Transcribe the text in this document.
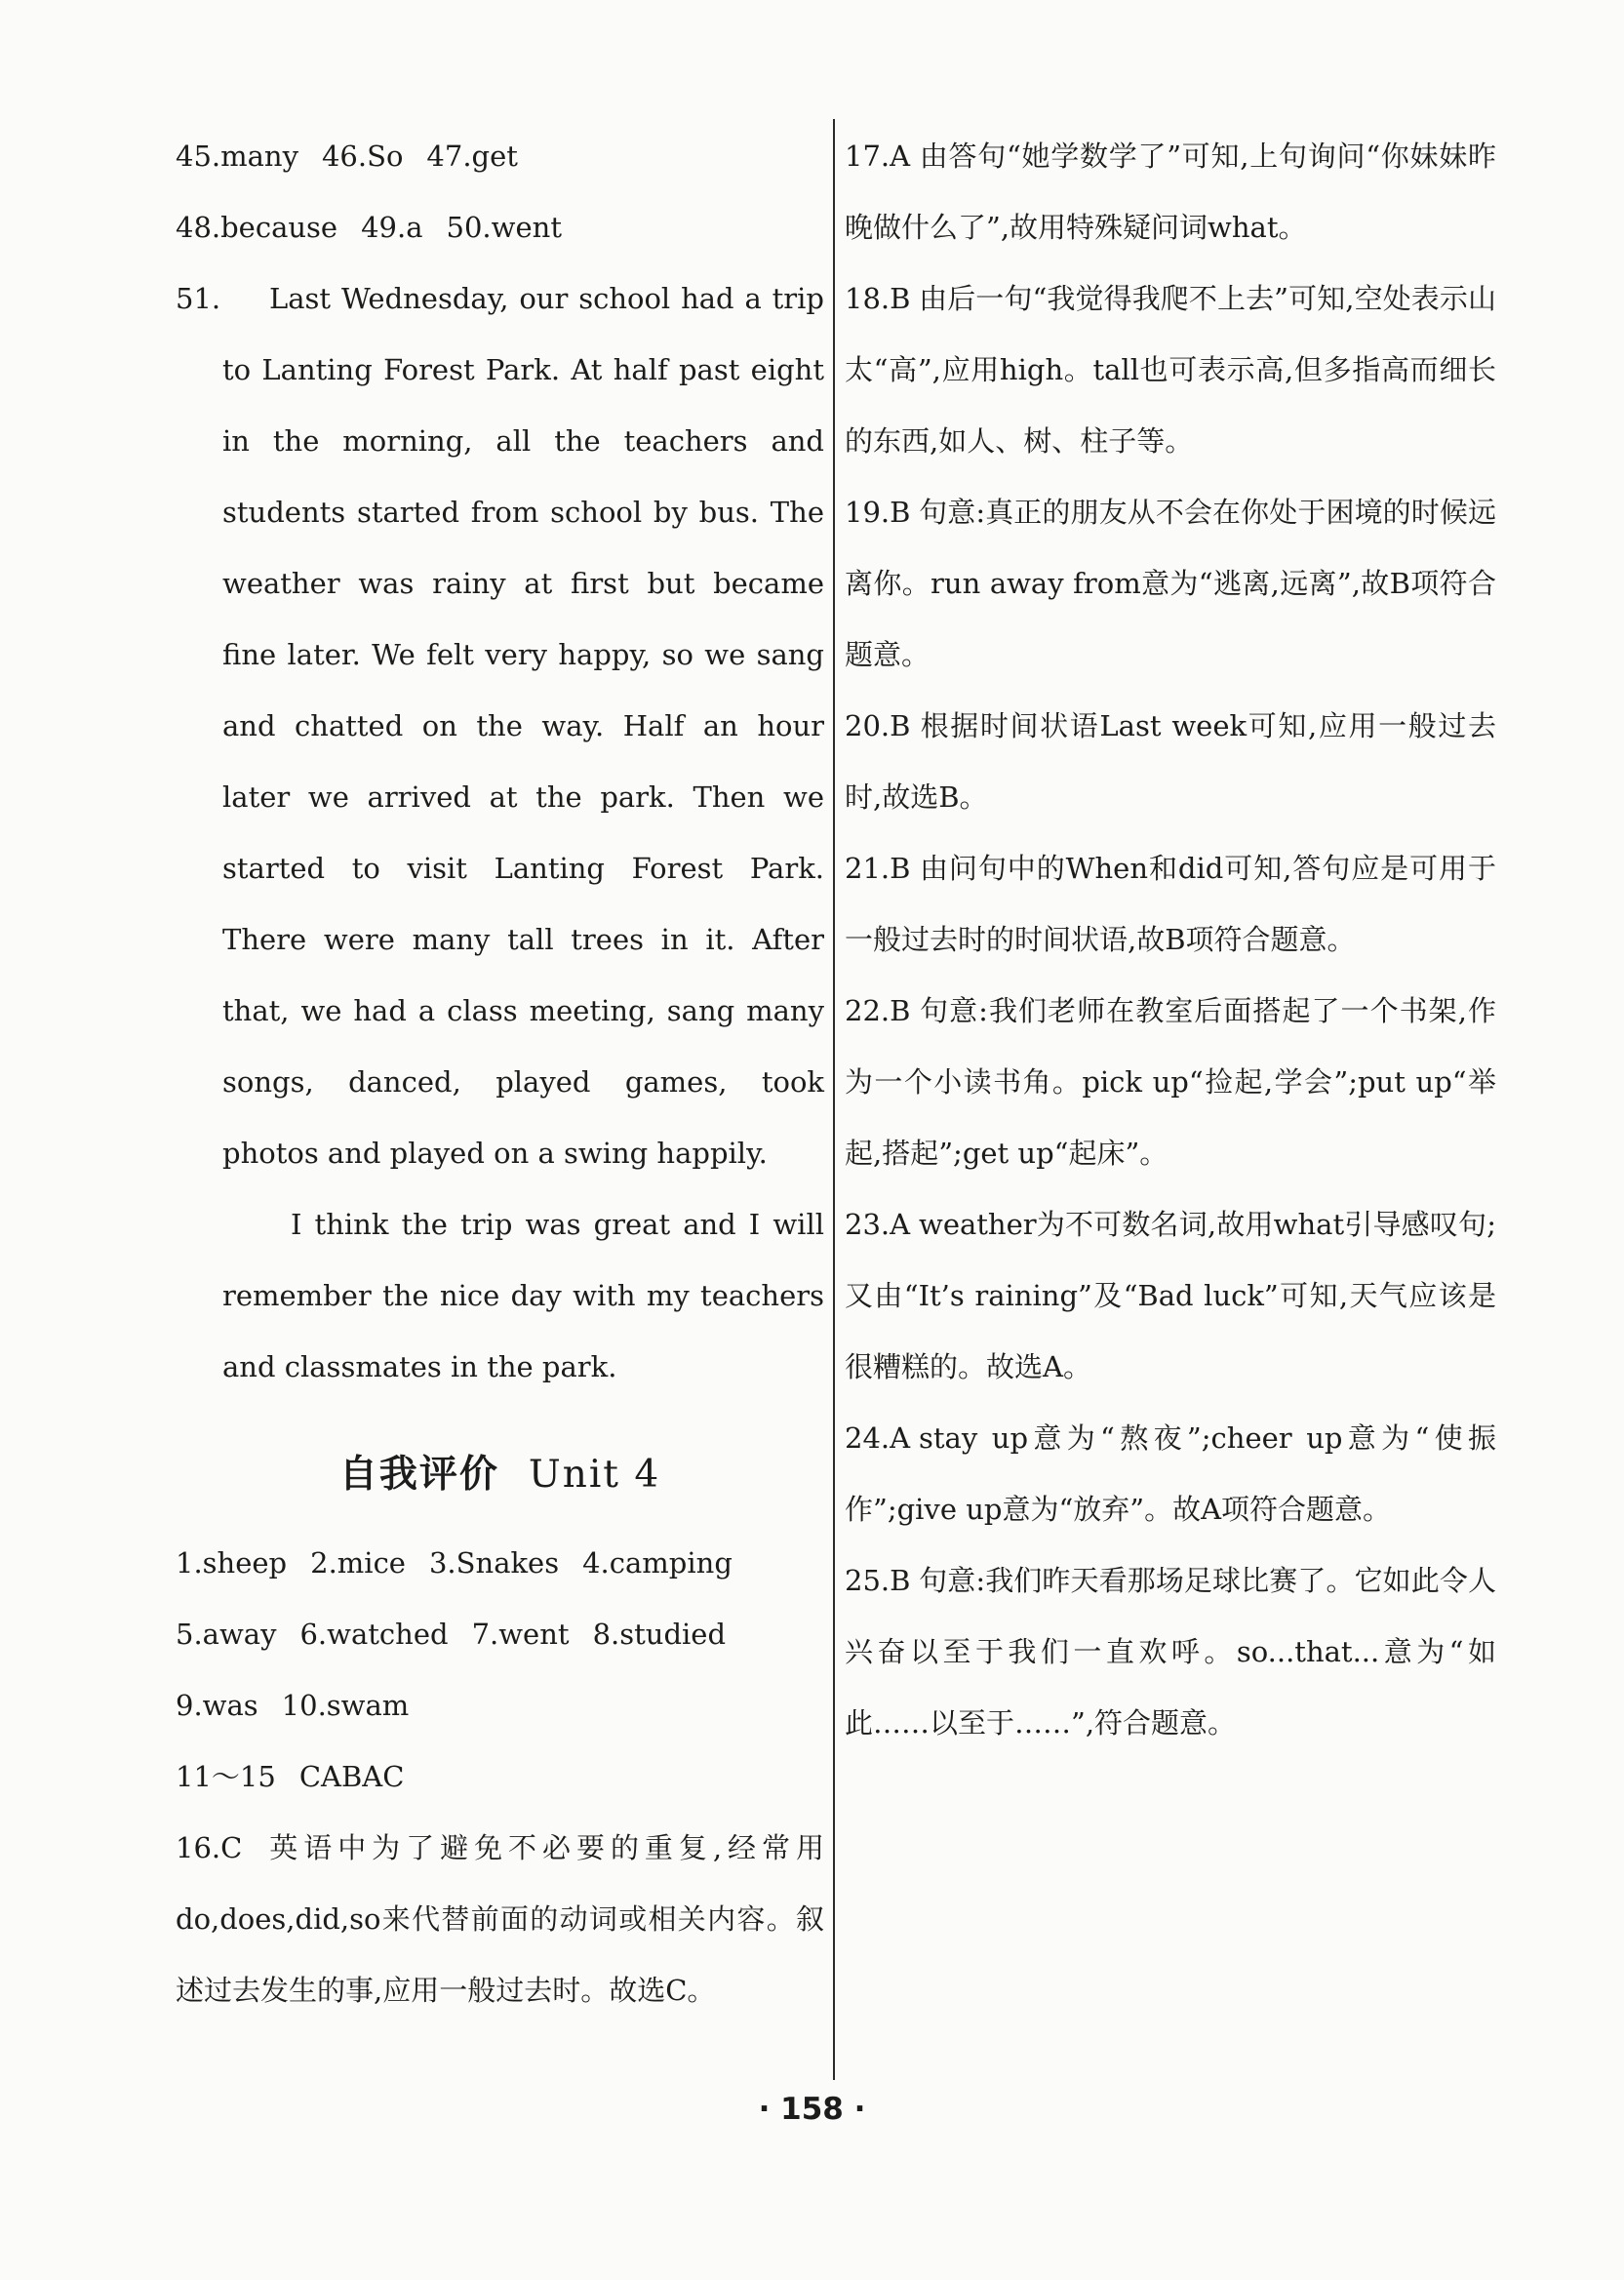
45.many 46.So 47.get
48.because 49.a 50.went
51.	Last Wednesday, our school had a trip to Lanting Forest Park. At half past eight in the morning, all the teachers and students started from school by bus. The weather was rainy at first but became fine later. We felt very happy, so we sang and chatted on the way. Half an hour later we arrived at the park. Then we started to visit Lanting Forest Park. There were many tall trees in it. After that, we had a class meeting, sang many songs, danced, played games, took photos and played on a swing happily.
I think the trip was great and I will remember the nice day with my teachers and classmates in the park.
自我评价 Unit 4
1.sheep 2.mice 3.Snakes 4.camping
5.away 6.watched 7.went 8.studied
9.was 10.swam
11～15 CABAC
16.C 英语中为了避免不必要的重复,经常用do,does,did,so来代替前面的动词或相关内容。叙述过去发生的事,应用一般过去时。故选C。
17.A 由答句“她学数学了”可知,上句询问“你妹妹昨晚做什么了”,故用特殊疑问词what。
18.B 由后一句“我觉得我爬不上去”可知,空处表示山太“高”,应用high。tall也可表示高,但多指高而细长的东西,如人、树、柱子等。
19.B 句意:真正的朋友从不会在你处于困境的时候远离你。run away from意为“逃离,远离”,故B项符合题意。
20.B 根据时间状语Last week可知,应用一般过去时,故选B。
21.B 由问句中的When和did可知,答句应是可用于一般过去时的时间状语,故B项符合题意。
22.B 句意:我们老师在教室后面搭起了一个书架,作为一个小读书角。pick up“捡起,学会”;put up“举起,搭起”;get up“起床”。
23.A weather为不可数名词,故用what引导感叹句;又由“It’s raining”及“Bad luck”可知,天气应该是很糟糕的。故选A。
24.A stay up意为“熬夜”;cheer up意为“使振作”;give up意为“放弃”。故A项符合题意。
25.B 句意:我们昨天看那场足球比赛了。它如此令人兴奋以至于我们一直欢呼。so...that...意为“如此……以至于……”,符合题意。
· 158 ·
